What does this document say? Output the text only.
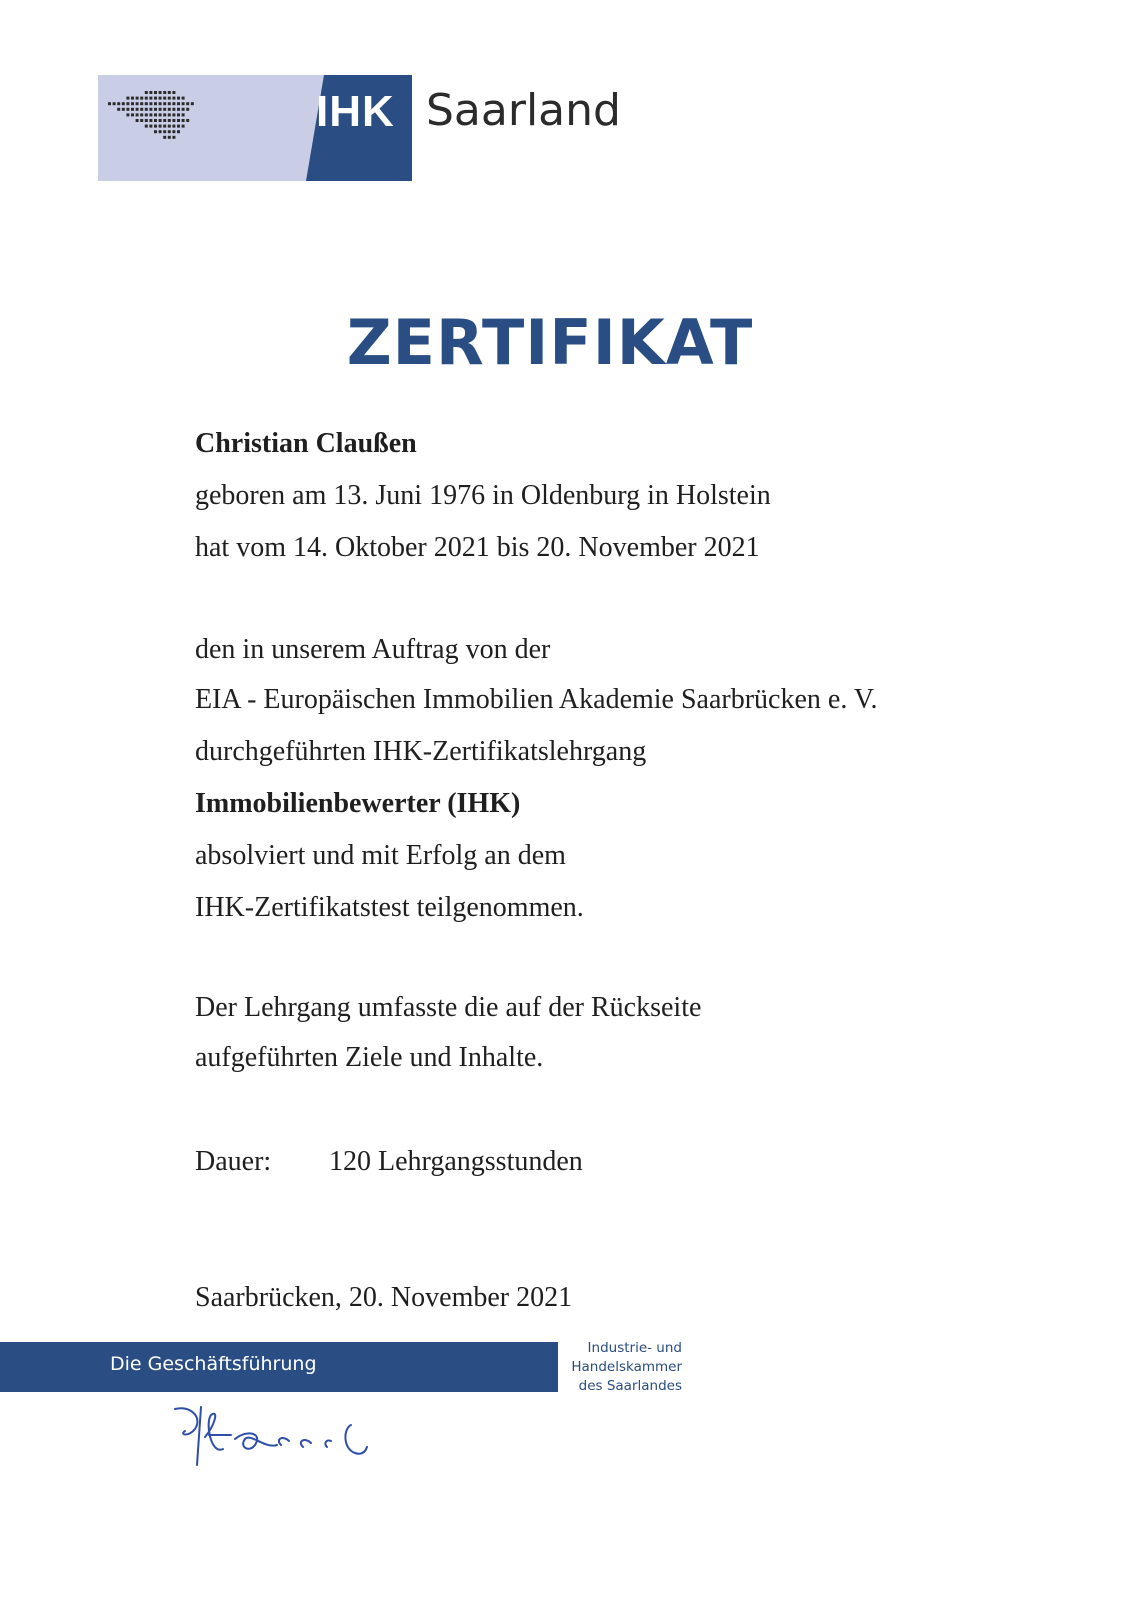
IHK Saarland
ZERTIFIKAT
Christian Claußen
geboren am 13. Juni 1976 in Oldenburg in Holstein
hat vom 14. Oktober 2021 bis 20. November 2021
den in unserem Auftrag von der
EIA - Europäischen Immobilien Akademie Saarbrücken e. V.
durchgeführten IHK-Zertifikatslehrgang
Immobilienbewerter (IHK)
absolviert und mit Erfolg an dem
IHK-Zertifikatstest teilgenommen.
Der Lehrgang umfasste die auf der Rückseite
aufgeführten Ziele und Inhalte.
Dauer: 120 Lehrgangsstunden
Saarbrücken, 20. November 2021
Die Geschäftsführung
Industrie- und
Handelskammer
des Saarlandes
